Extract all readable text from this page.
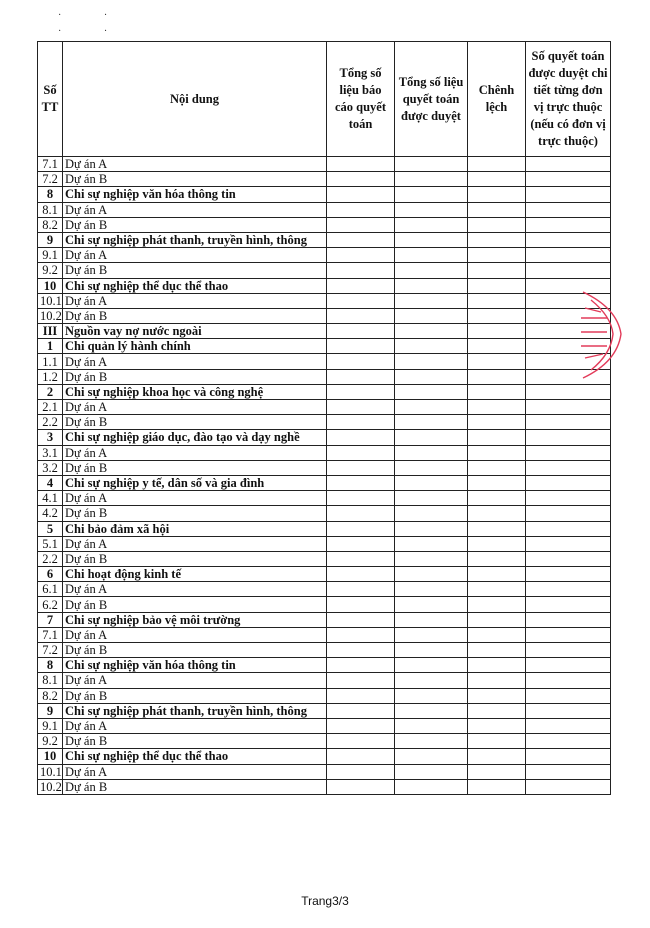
· ·
· ·
Số TT	Nội dung	Tổng số liệu báo cáo quyết toán	Tổng số liệu quyết toán được duyệt	Chênh lệch	Số quyết toán được duyệt chi tiết từng đơn vị trực thuộc (nếu có đơn vị trực thuộc)
7.1	Dự án A				
7.2	Dự án B				
8	Chi sự nghiệp văn hóa thông tin				
8.1	Dự án A				
8.2	Dự án B				
9	Chi sự nghiệp phát thanh, truyền hình, thông				
9.1	Dự án A				
9.2	Dự án B				
10	Chi sự nghiệp thể dục thể thao				
10.1	Dự án A				
10.2	Dự án B				
III	Nguồn vay nợ nước ngoài				
1	Chi quản lý hành chính				
1.1	Dự án A				
1.2	Dự án B				
2	Chi sự nghiệp khoa học và công nghệ				
2.1	Dự án A				
2.2	Dự án B				
3	Chi sự nghiệp giáo dục, đào tạo và dạy nghề				
3.1	Dự án A				
3.2	Dự án B				
4	Chi sự nghiệp y tế, dân số và gia đình				
4.1	Dự án A				
4.2	Dự án B				
5	Chi bảo đảm xã hội				
5.1	Dự án A				
2.2	Dự án B				
6	Chi hoạt động kinh tế				
6.1	Dự án A				
6.2	Dự án B				
7	Chi sự nghiệp bảo vệ môi trường				
7.1	Dự án A				
7.2	Dự án B				
8	Chi sự nghiệp văn hóa thông tin				
8.1	Dự án A				
8.2	Dự án B				
9	Chi sự nghiệp phát thanh, truyền hình, thông				
9.1	Dự án A				
9.2	Dự án B				
10	Chi sự nghiệp thể dục thể thao				
10.1	Dự án A				
10.2	Dự án B				
Trang3/3
